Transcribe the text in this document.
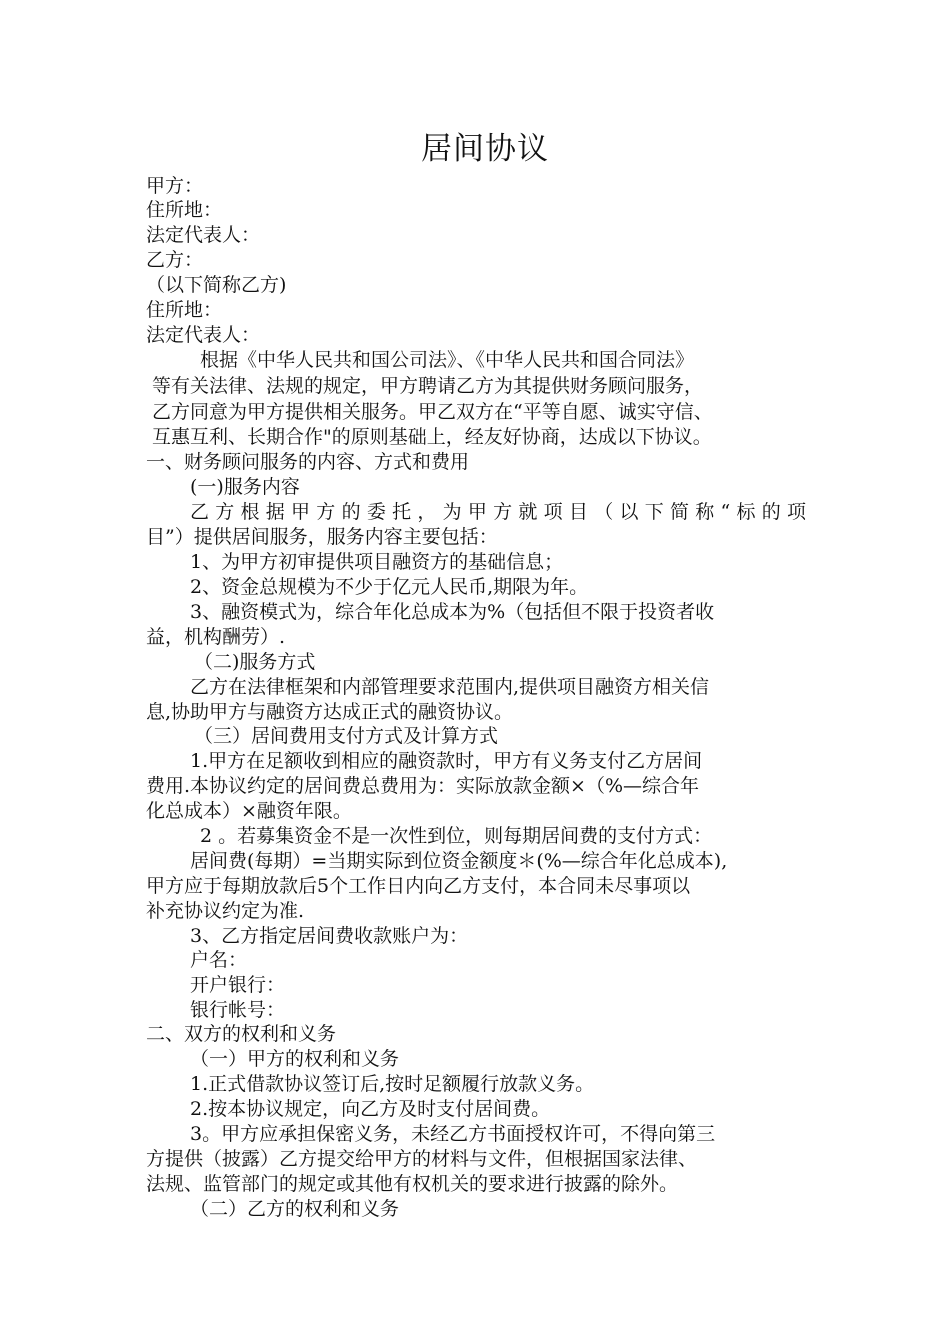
居间协议
甲方：
住所地：
法定代表人：
乙方：
（以下简称乙方)
住所地：
法定代表人：
根据《中华人民共和国公司法》、《中华人民共和国合同法》
等有关法律、法规的规定，甲方聘请乙方为其提供财务顾问服务，
乙方同意为甲方提供相关服务。甲乙双方在“平等自愿、诚实守信、
互惠互利、长期合作"的原则基础上，经友好协商，达成以下协议。
一、财务顾问服务的内容、方式和费用
(一)服务内容
乙方根据甲方的委托，为甲方就项目（以下简称“标的项
目”）提供居间服务，服务内容主要包括：
1、为甲方初审提供项目融资方的基础信息；
2、资金总规模为不少于亿元人民币,期限为年。
3、融资模式为，综合年化总成本为%（包括但不限于投资者收
益，机构酬劳）.
（二)服务方式
乙方在法律框架和内部管理要求范围内,提供项目融资方相关信
息,协助甲方与融资方达成正式的融资协议。
（三）居间费用支付方式及计算方式
1.甲方在足额收到相应的融资款时，甲方有义务支付乙方居间
费用.本协议约定的居间费总费用为：实际放款金额×（%—综合年
化总成本）×融资年限。
2 。若募集资金不是一次性到位，则每期居间费的支付方式：
居间费(每期）=当期实际到位资金额度＊(%—综合年化总成本),
甲方应于每期放款后5个工作日内向乙方支付，本合同未尽事项以
补充协议约定为准.
3、乙方指定居间费收款账户为：
户名：
开户银行：
银行帐号：
二、双方的权利和义务
（一）甲方的权利和义务
1.正式借款协议签订后,按时足额履行放款义务。
2.按本协议规定，向乙方及时支付居间费。
3。甲方应承担保密义务，未经乙方书面授权许可，不得向第三
方提供（披露）乙方提交给甲方的材料与文件，但根据国家法律、
法规、监管部门的规定或其他有权机关的要求进行披露的除外。
（二）乙方的权利和义务
